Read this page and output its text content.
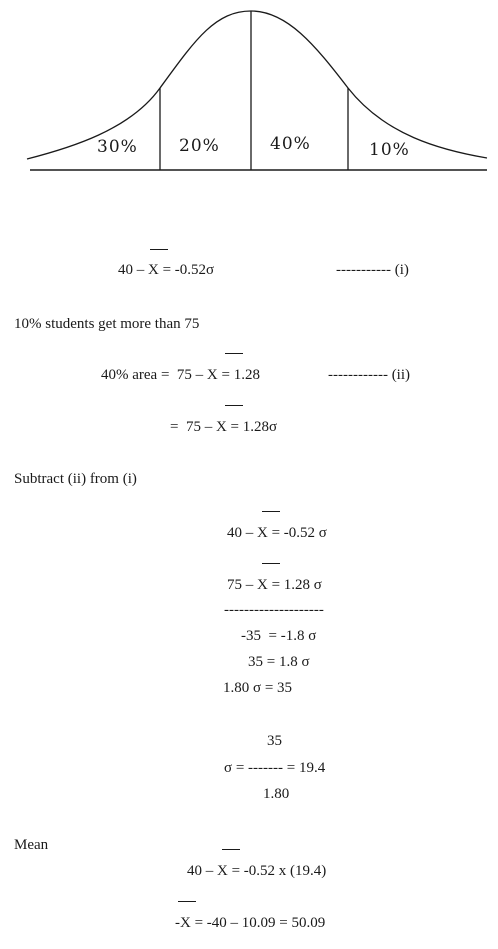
30% 20%	40%	10%
40 – X = -0.52σ	----------- (i)
10% students get more than 75
40% area =  75 – X = 1.28	------------ (ii)
=  75 – X = 1.28σ
Subtract (ii) from (i)
40 – X = -0.52 σ
75 – X = 1.28 σ
--------------------
-35  = -1.8 σ
35 = 1.8 σ
1.80 σ = 35
35
σ = ------- = 19.4
1.80
Mean
40 – X = -0.52 x (19.4)
-X = -40 – 10.09 = 50.09
